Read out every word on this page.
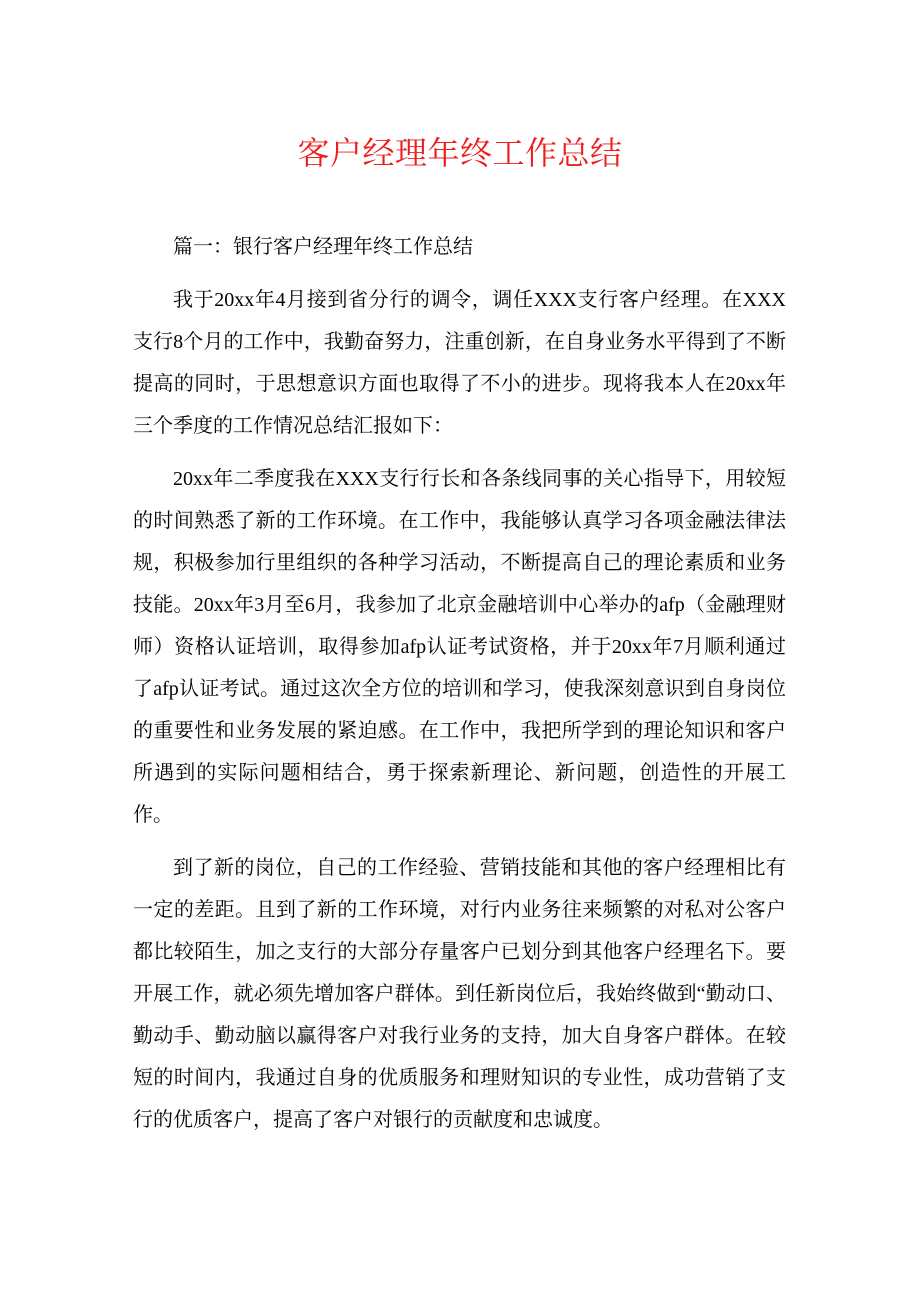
客户经理年终工作总结

篇一：银行客户经理年终工作总结

我于20xx年4月接到省分行的调令，调任XXX支行客户经理。在XXX支行8个月的工作中，我勤奋努力，注重创新，在自身业务水平得到了不断提高的同时，于思想意识方面也取得了不小的进步。现将我本人在20xx年三个季度的工作情况总结汇报如下：

20xx年二季度我在XXX支行行长和各条线同事的关心指导下，用较短的时间熟悉了新的工作环境。在工作中，我能够认真学习各项金融法律法规，积极参加行里组织的各种学习活动，不断提高自己的理论素质和业务技能。20xx年3月至6月，我参加了北京金融培训中心举办的afp（金融理财师）资格认证培训，取得参加afp认证考试资格，并于20xx年7月顺利通过了afp认证考试。通过这次全方位的培训和学习，使我深刻意识到自身岗位的重要性和业务发展的紧迫感。在工作中，我把所学到的理论知识和客户所遇到的实际问题相结合，勇于探索新理论、新问题，创造性的开展工作。

到了新的岗位，自己的工作经验、营销技能和其他的客户经理相比有一定的差距。且到了新的工作环境，对行内业务往来频繁的对私对公客户都比较陌生，加之支行的大部分存量客户已划分到其他客户经理名下。要开展工作，就必须先增加客户群体。到任新岗位后，我始终做到“勤动口、勤动手、勤动脑以赢得客户对我行业务的支持，加大自身客户群体。在较短的时间内，我通过自身的优质服务和理财知识的专业性，成功营销了支行的优质客户，提高了客户对银行的贡献度和忠诚度。
